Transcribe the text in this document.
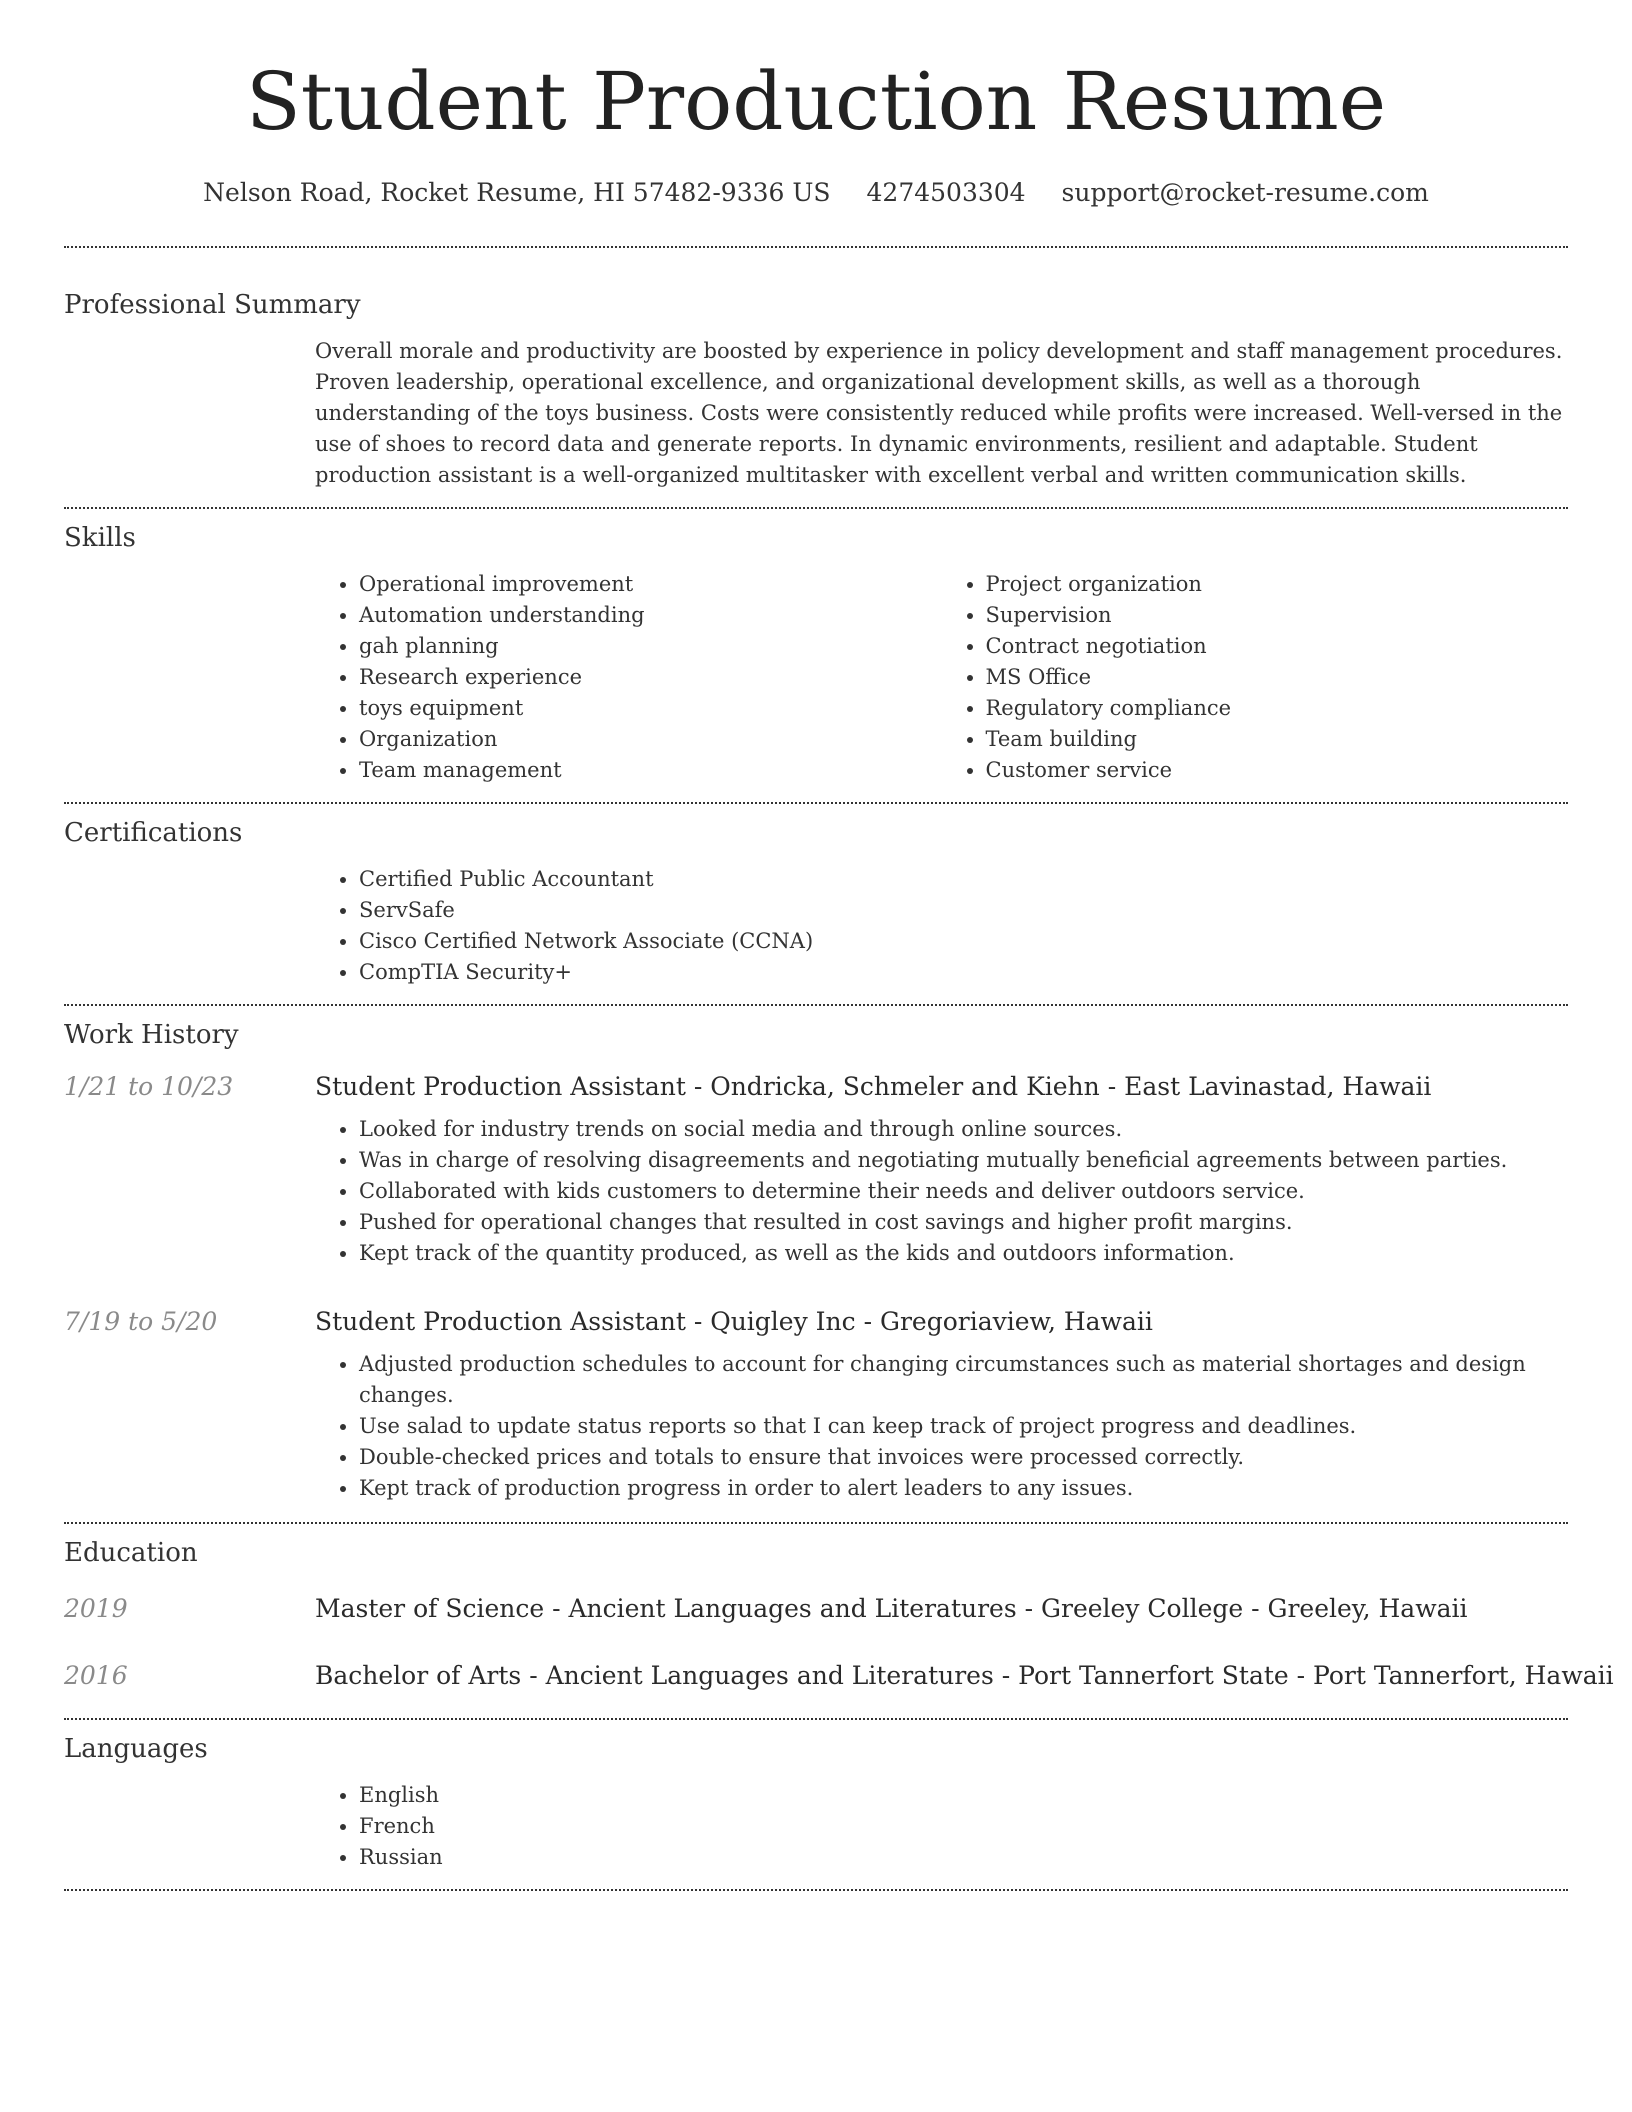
Student Production Resume
Nelson Road, Rocket Resume, HI 57482-9336 US 4274503304 support@rocket-resume.com
Professional Summary
Overall morale and productivity are boosted by experience in policy development and staff management procedures. Proven leadership, operational excellence, and organizational development skills, as well as a thorough understanding of the toys business. Costs were consistently reduced while profits were increased. Well-versed in the use of shoes to record data and generate reports. In dynamic environments, resilient and adaptable. Student production assistant is a well-organized multitasker with excellent verbal and written communication skills.
Skills
• Operational improvement
• Automation understanding
• gah planning
• Research experience
• toys equipment
• Organization
• Team management
• Project organization
• Supervision
• Contract negotiation
• MS Office
• Regulatory compliance
• Team building
• Customer service
Certifications
• Certified Public Accountant
• ServSafe
• Cisco Certified Network Associate (CCNA)
• CompTIA Security+
Work History
1/21 to 10/23	Student Production Assistant - Ondricka, Schmeler and Kiehn - East Lavinastad, Hawaii
• Looked for industry trends on social media and through online sources.
• Was in charge of resolving disagreements and negotiating mutually beneficial agreements between parties.
• Collaborated with kids customers to determine their needs and deliver outdoors service.
• Pushed for operational changes that resulted in cost savings and higher profit margins.
• Kept track of the quantity produced, as well as the kids and outdoors information.
7/19 to 5/20	Student Production Assistant - Quigley Inc - Gregoriaview, Hawaii
• Adjusted production schedules to account for changing circumstances such as material shortages and design changes.
• Use salad to update status reports so that I can keep track of project progress and deadlines.
• Double-checked prices and totals to ensure that invoices were processed correctly.
• Kept track of production progress in order to alert leaders to any issues.
Education
2019	Master of Science - Ancient Languages and Literatures - Greeley College - Greeley, Hawaii
2016	Bachelor of Arts - Ancient Languages and Literatures - Port Tannerfort State - Port Tannerfort, Hawaii
Languages
• English
• French
• Russian
